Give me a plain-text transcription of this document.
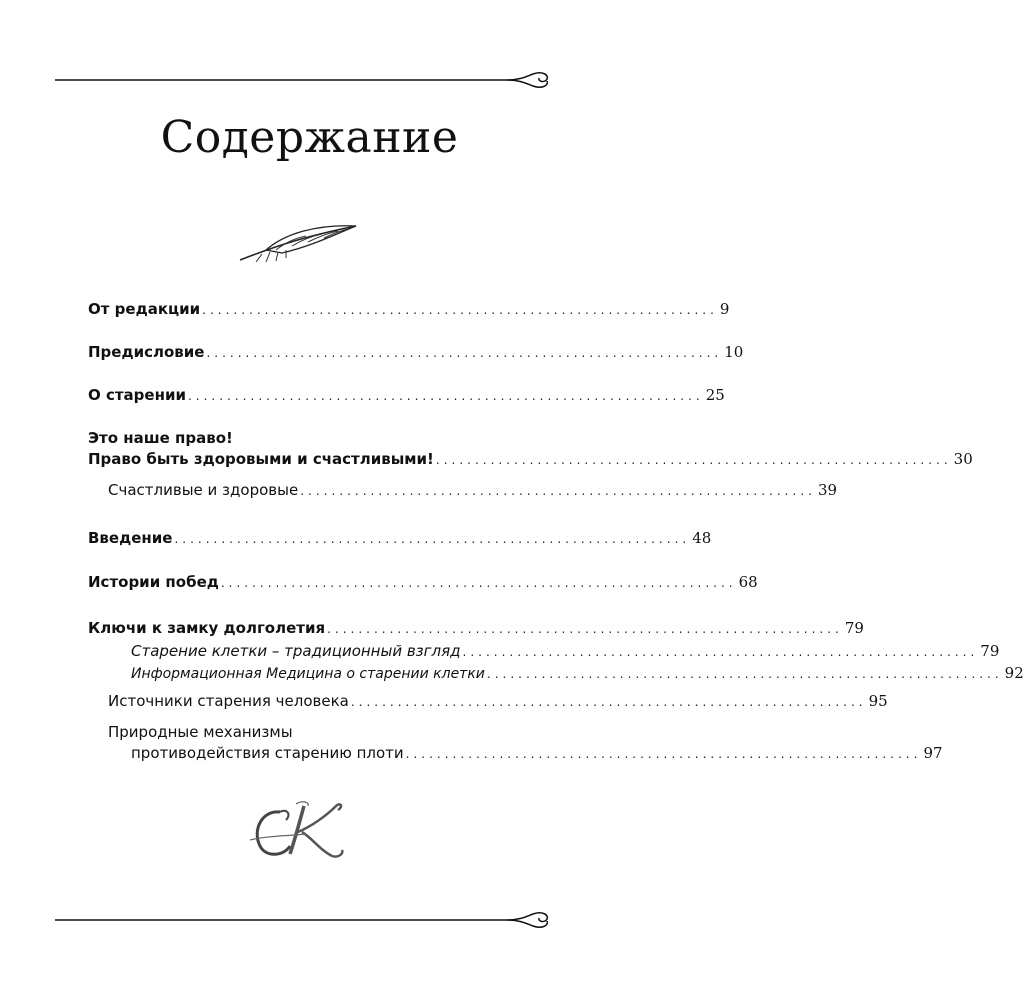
Содержание
От редакции .................................................................. 9
Предисловие .................................................................. 10
О старении .................................................................. 25
Это наше право!
Право быть здоровыми и счастливыми! .................................................................. 30
Счастливые и здоровые .................................................................. 39
Введение .................................................................. 48
Истории побед .................................................................. 68
Ключи к замку долголетия .................................................................. 79
Старение клетки – традиционный взгляд .................................................................. 79
Информационная Медицина о старении клетки .................................................................. 92
Источники старения человека .................................................................. 95
Природные механизмы
противодействия старению плоти .................................................................. 97
